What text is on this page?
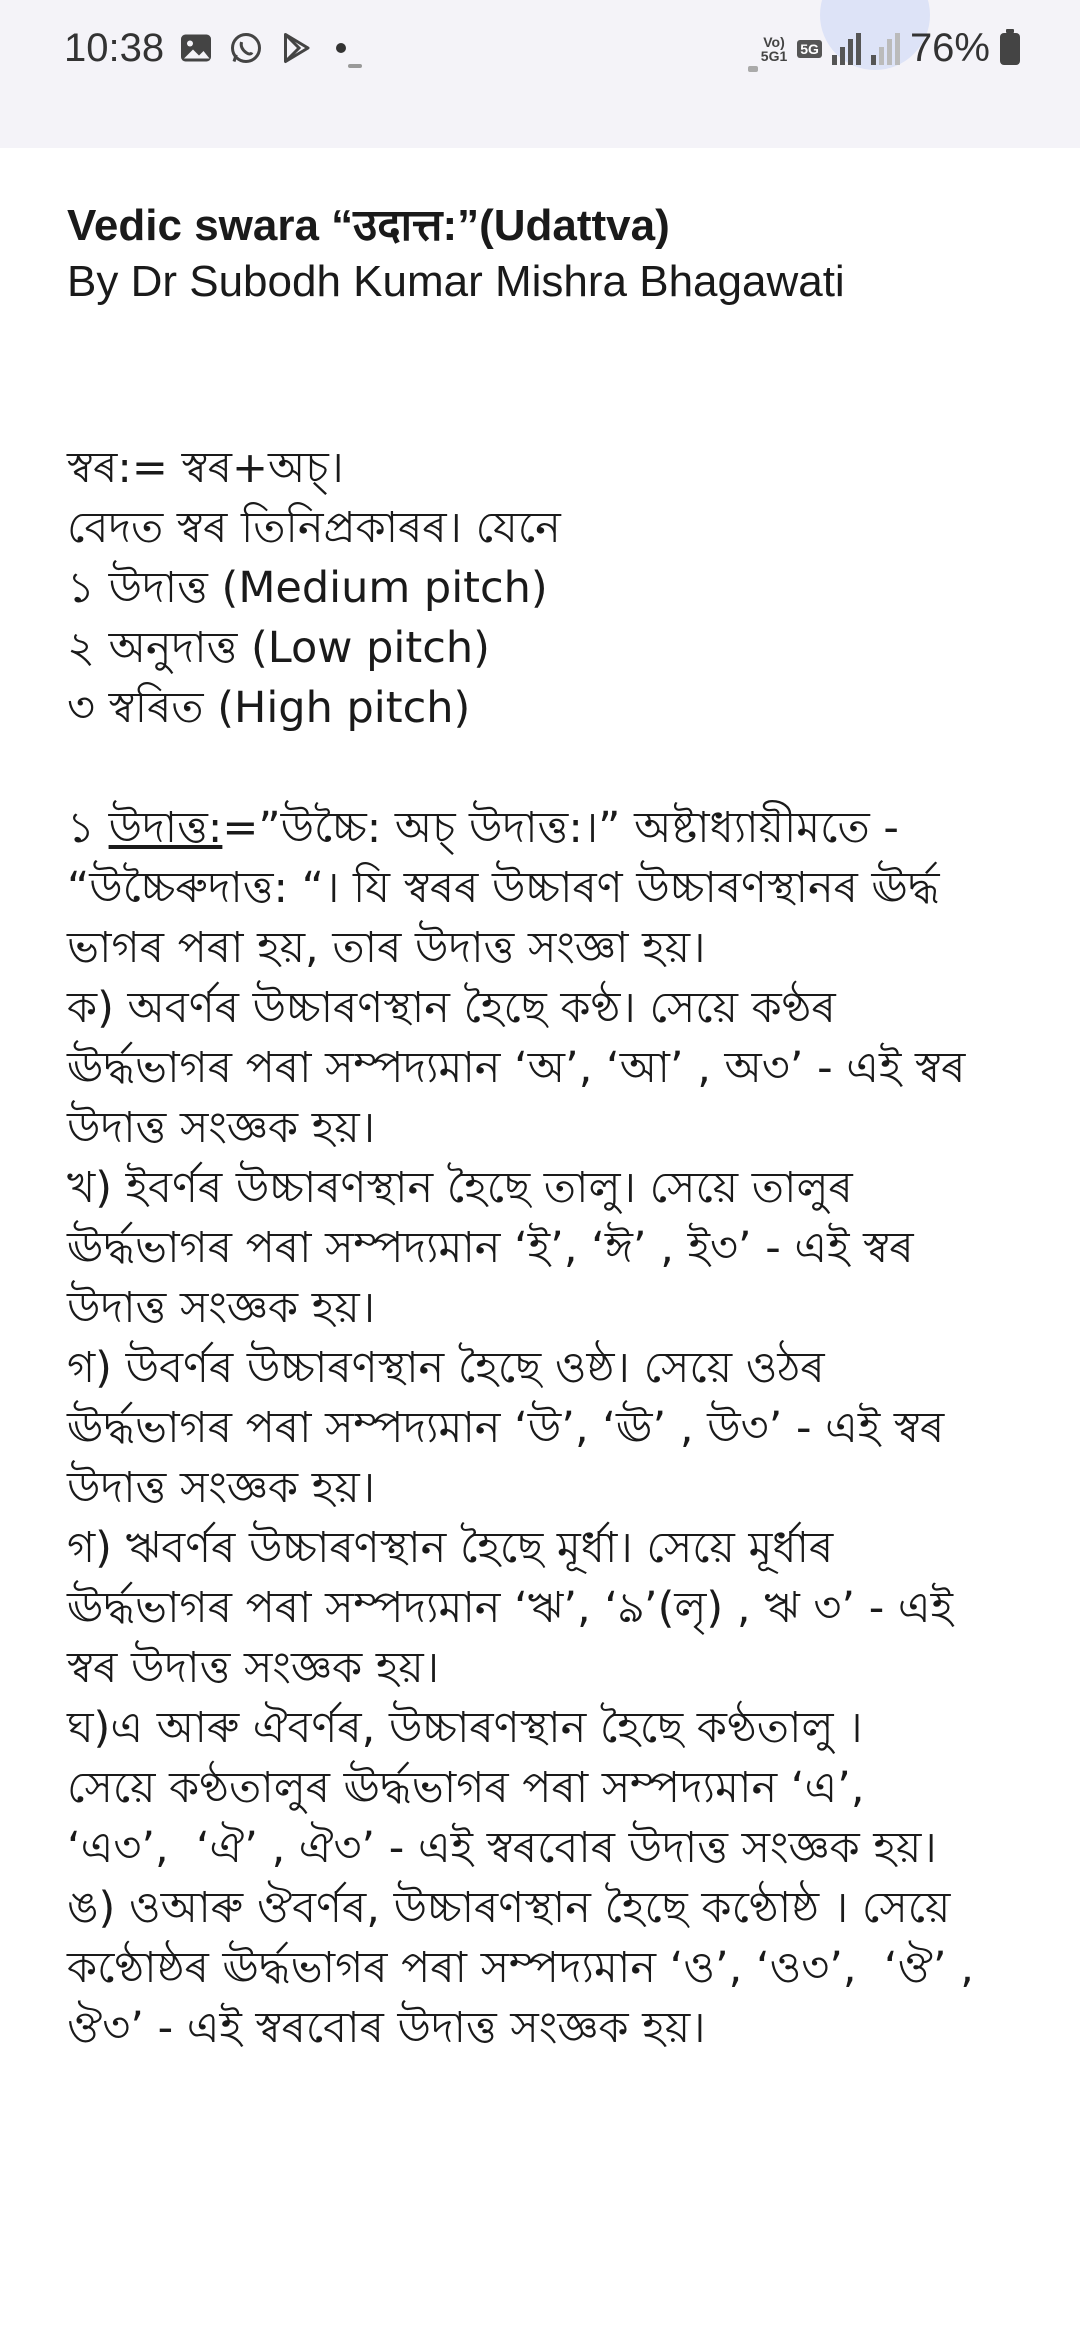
10:38	Vo)
5G1 5G 76%

Vedic swara “उदात्त:”(Udattva)

By Dr Subodh Kumar Mishra Bhagawati

স্বৰ:= স্বৰ+অচ্।

বেদত স্বৰ তিনিপ্ৰকাৰৰ। যেনে

১ উদাত্ত (Medium pitch)

২ অনুদাত্ত (Low pitch)

৩ স্বৰিত (High pitch)

১ উদাত্ত:=”উচ্চৈ: অচ্ উদাত্ত:।” অষ্টাধ্যায়ীমতে -

“উচ্চৈৰুদাত্ত: “। যি স্বৰৰ উচ্চাৰণ উচ্চাৰণস্থানৰ ঊৰ্দ্ধ

ভাগৰ পৰা হয়, তাৰ উদাত্ত সংজ্ঞা হয়।

ক) অবৰ্ণৰ উচ্চাৰণস্থান হৈছে কণ্ঠ। সেয়ে কণ্ঠৰ

ঊৰ্দ্ধভাগৰ পৰা সম্পদ্যমান ‘অ’, ‘আ’ , অ৩’ - এই স্বৰ

উদাত্ত সংজ্ঞক হয়।

খ) ইবৰ্ণৰ উচ্চাৰণস্থান হৈছে তালু। সেয়ে তালুৰ

ঊৰ্দ্ধভাগৰ পৰা সম্পদ্যমান ‘ই’, ‘ঈ’ , ই৩’ - এই স্বৰ

উদাত্ত সংজ্ঞক হয়।

গ) উবৰ্ণৰ উচ্চাৰণস্থান হৈছে ওষ্ঠ। সেয়ে ওঠৰ

ঊৰ্দ্ধভাগৰ পৰা সম্পদ্যমান ‘উ’, ‘ঊ’ , উ৩’ - এই স্বৰ

উদাত্ত সংজ্ঞক হয়।

গ) ঋবৰ্ণৰ উচ্চাৰণস্থান হৈছে মূৰ্ধা। সেয়ে মূৰ্ধাৰ

ঊৰ্দ্ধভাগৰ পৰা সম্পদ্যমান ‘ঋ’, ‘ঌ’(লৃ) , ঋ ৩’ - এই

স্বৰ উদাত্ত সংজ্ঞক হয়।

ঘ)এ আৰু ঐবৰ্ণৰ, উচ্চাৰণস্থান হৈছে কণ্ঠতালু ।

সেয়ে কণ্ঠতালুৰ ঊৰ্দ্ধভাগৰ পৰা সম্পদ্যমান ‘এ’,

‘এ৩’,  ‘ঐ’ , ঐ৩’ - এই স্বৰবোৰ উদাত্ত সংজ্ঞক হয়।

ঙ) ওআৰু ঔবৰ্ণৰ, উচ্চাৰণস্থান হৈছে কণ্ঠোষ্ঠ । সেয়ে

কণ্ঠোষ্ঠৰ ঊৰ্দ্ধভাগৰ পৰা সম্পদ্যমান ‘ও’, ‘ও৩’,  ‘ঔ’ ,

ঔ৩’ - এই স্বৰবোৰ উদাত্ত সংজ্ঞক হয়।
